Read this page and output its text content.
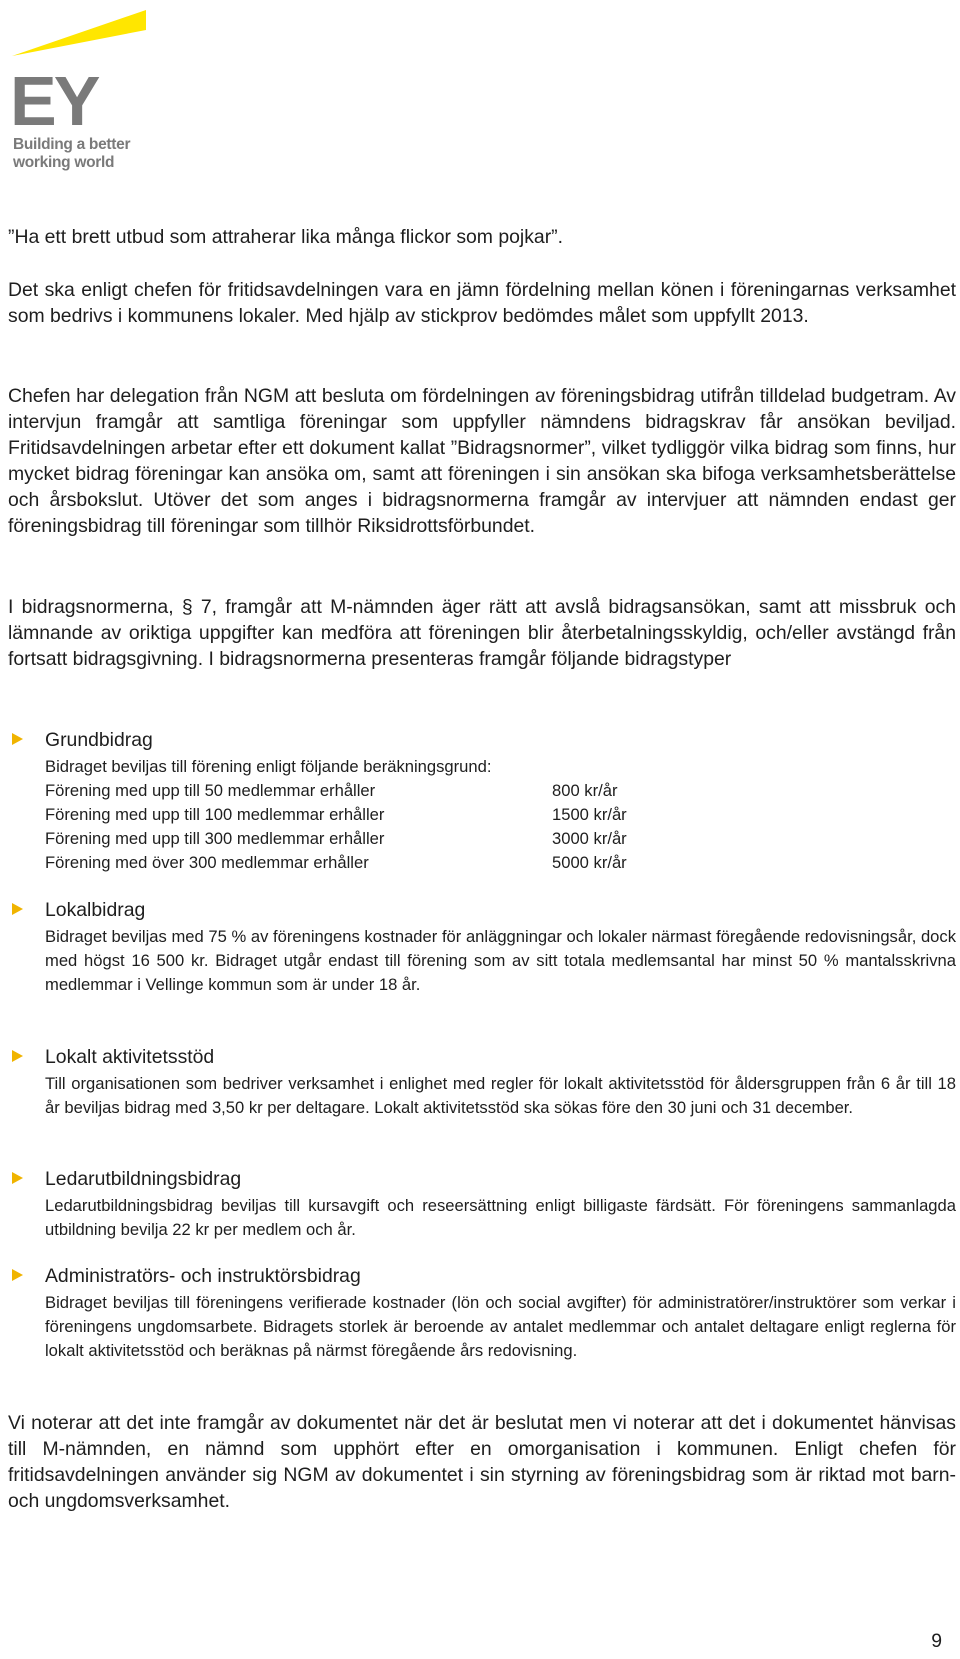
EY
Building a better
working world

”Ha ett brett utbud som attraherar lika många flickor som pojkar”.

Det ska enligt chefen för fritidsavdelningen vara en jämn fördelning mellan könen i föreningarnas verksamhet som bedrivs i kommunens lokaler. Med hjälp av stickprov bedömdes målet som uppfyllt 2013.

Chefen har delegation från NGM att besluta om fördelningen av föreningsbidrag utifrån tilldelad budgetram. Av intervjun framgår att samtliga föreningar som uppfyller nämndens bidragskrav får ansökan beviljad. Fritidsavdelningen arbetar efter ett dokument kallat ”Bidragsnormer”, vilket tydliggör vilka bidrag som finns, hur mycket bidrag föreningar kan ansöka om, samt att föreningen i sin ansökan ska bifoga verksamhetsberättelse och årsbokslut. Utöver det som anges i bidragsnormerna framgår av intervjuer att nämnden endast ger föreningsbidrag till föreningar som tillhör Riksidrottsförbundet.

I bidragsnormerna, § 7, framgår att M-nämnden äger rätt att avslå bidragsansökan, samt att missbruk och lämnande av oriktiga uppgifter kan medföra att föreningen blir återbetalningsskyldig, och/eller avstängd från fortsatt bidragsgivning. I bidragsnormerna presenteras framgår följande bidragstyper

Grundbidrag
Bidraget beviljas till förening enligt följande beräkningsgrund:
Förening med upp till 50 medlemmar erhåller	800 kr/år
Förening med upp till 100 medlemmar erhåller	1500 kr/år
Förening med upp till 300 medlemmar erhåller	3000 kr/år
Förening med över 300 medlemmar erhåller	5000 kr/år
Lokalbidrag
Bidraget beviljas med 75 % av föreningens kostnader för anläggningar och lokaler närmast föregående redovisningsår, dock med högst 16 500 kr. Bidraget utgår endast till förening som av sitt totala medlemsantal har minst 50 % mantalsskrivna medlemmar i Vellinge kommun som är under 18 år.
Lokalt aktivitetsstöd
Till organisationen som bedriver verksamhet i enlighet med regler för lokalt aktivitetsstöd för åldersgruppen från 6 år till 18 år beviljas bidrag med 3,50 kr per deltagare. Lokalt aktivitetsstöd ska sökas före den 30 juni och 31 december.
Ledarutbildningsbidrag
Ledarutbildningsbidrag beviljas till kursavgift och reseersättning enligt billigaste färdsätt. För föreningens sammanlagda utbildning bevilja 22 kr per medlem och år.
Administratörs- och instruktörsbidrag
Bidraget beviljas till föreningens verifierade kostnader (lön och social avgifter) för administratörer/instruktörer som verkar i föreningens ungdomsarbete. Bidragets storlek är beroende av antalet medlemmar och antalet deltagare enligt reglerna för lokalt aktivitetsstöd och beräknas på närmst föregående års redovisning.

Vi noterar att det inte framgår av dokumentet när det är beslutat men vi noterar att det i dokumentet hänvisas till M-nämnden, en nämnd som upphört efter en omorganisation i kommunen. Enligt chefen för fritidsavdelningen använder sig NGM av dokumentet i sin styrning av föreningsbidrag som är riktad mot barn- och ungdomsverksamhet.

9
